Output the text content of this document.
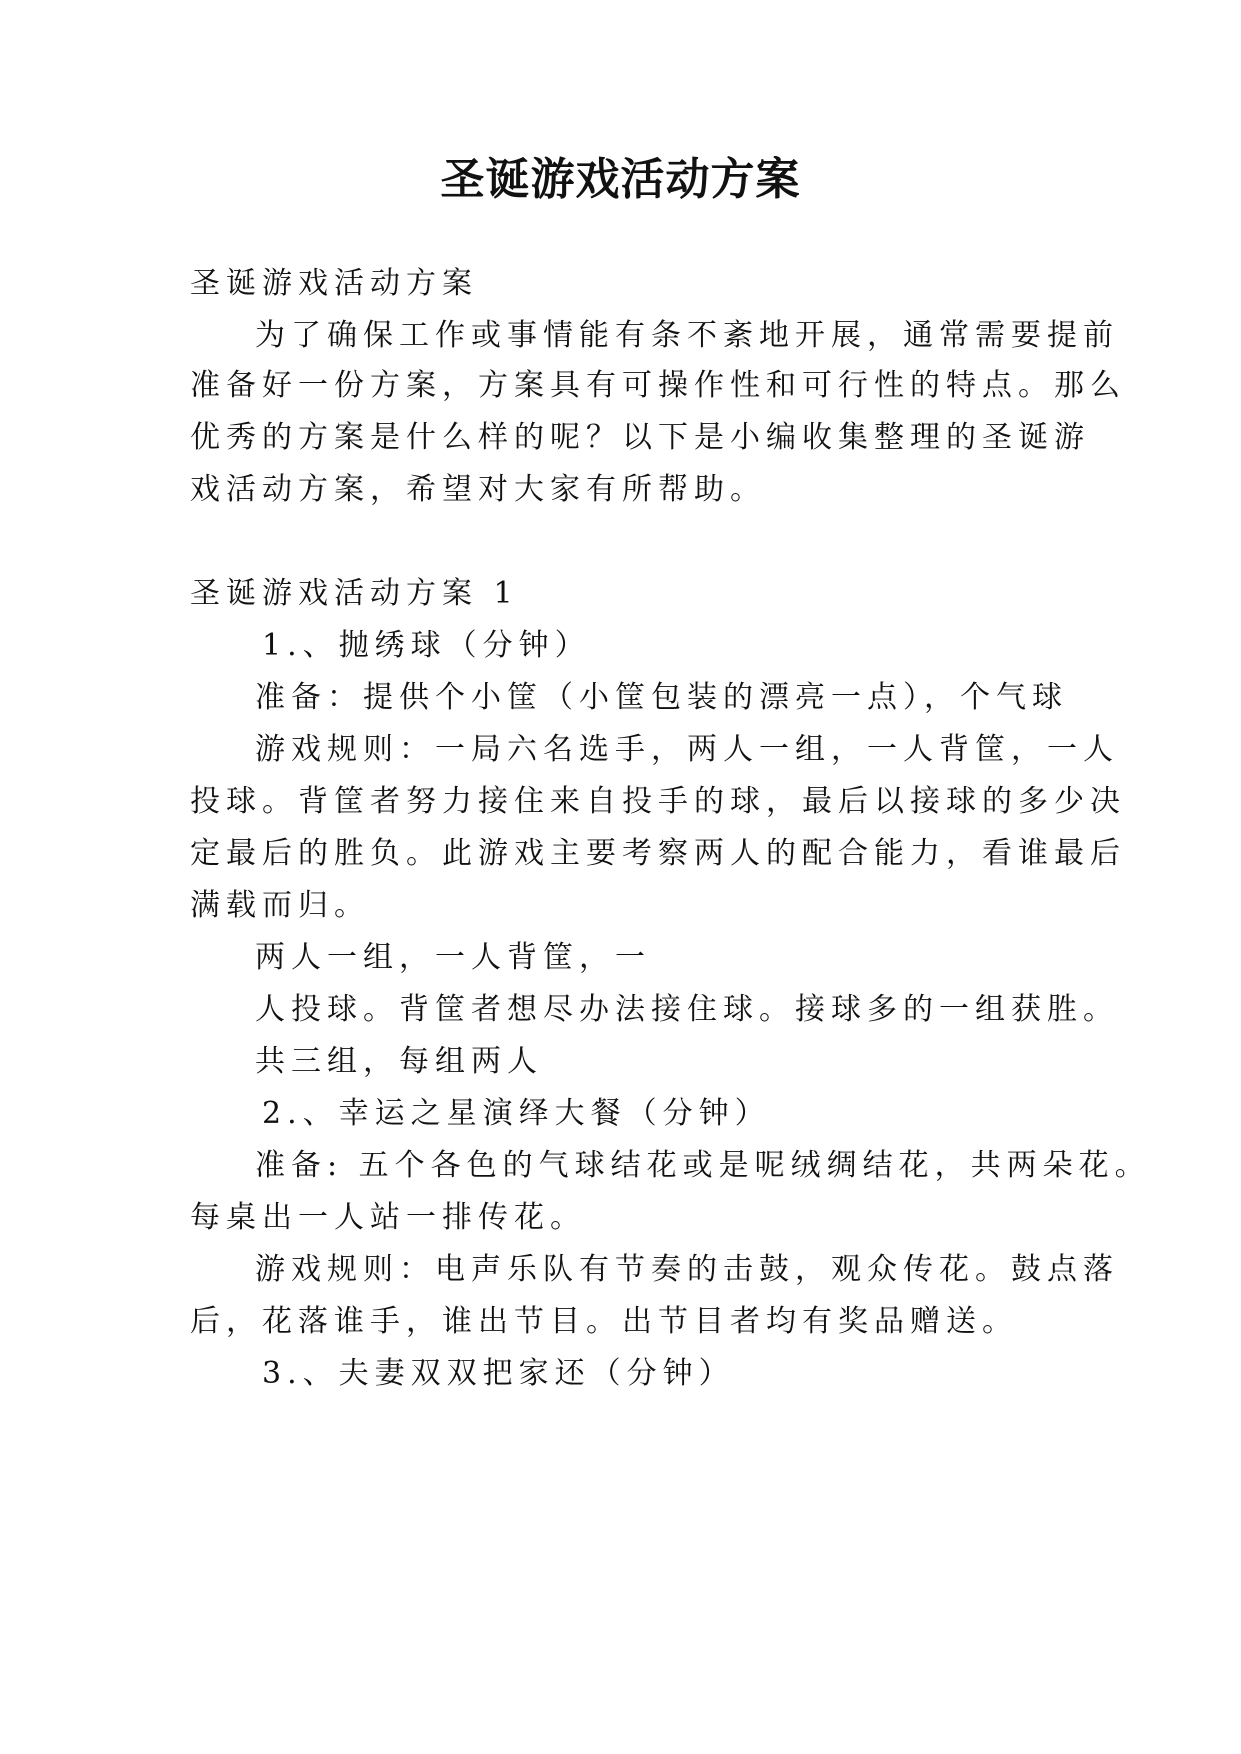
圣诞游戏活动方案
圣诞游戏活动方案
为了确保工作或事情能有条不紊地开展，通常需要提前
准备好一份方案，方案具有可操作性和可行性的特点。那么
优秀的方案是什么样的呢？以下是小编收集整理的圣诞游
戏活动方案，希望对大家有所帮助。
圣诞游戏活动方案 1
1.、抛绣球（分钟）
准备：提供个小筐（小筐包装的漂亮一点），个气球
游戏规则：一局六名选手，两人一组，一人背筐，一人
投球。背筐者努力接住来自投手的球，最后以接球的多少决
定最后的胜负。此游戏主要考察两人的配合能力，看谁最后
满载而归。
两人一组，一人背筐，一
人投球。背筐者想尽办法接住球。接球多的一组获胜。
共三组，每组两人
2.、幸运之星演绎大餐（分钟）
准备: 五个各色的气球结花或是呢绒绸结花，共两朵花。
每桌出一人站一排传花。
游戏规则：电声乐队有节奏的击鼓，观众传花。鼓点落
后，花落谁手，谁出节目。出节目者均有奖品赠送。
3.、夫妻双双把家还（分钟）
